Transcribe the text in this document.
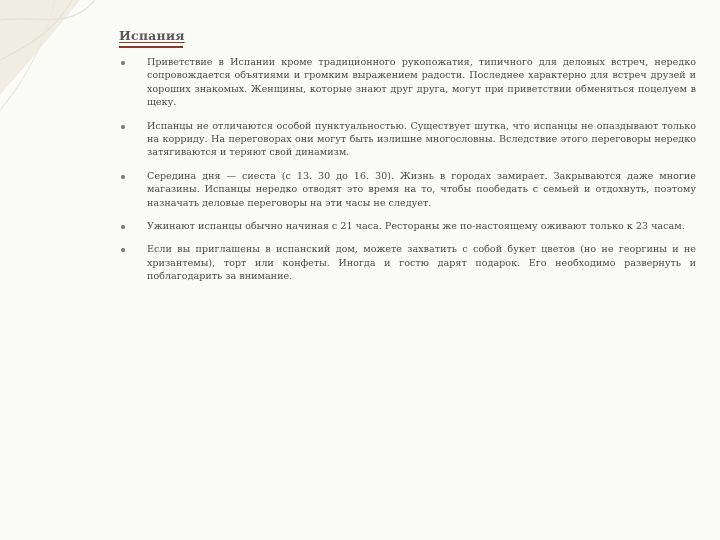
Испания
Приветствие в Испании кроме традиционного рукопожатия, типичного для деловых встреч, нередко сопровождается объятиями и громким выражением радости. Последнее характерно для встреч друзей и хороших знакомых. Женщины, которые знают друг друга, могут при приветствии обменяться поцелуем в щеку.
Испанцы не отличаются особой пунктуальностью. Существует шутка, что испанцы не опаздывают только на корриду. На переговорах они могут быть излишне многословны. Вследствие этого переговоры нередко затягиваются и теряют свой динамизм.
Середина дня — сиеста (с 13. 30 до 16. 30). Жизнь в городах замирает. Закрываются даже многие магазины. Испанцы нередко отводят это время на то, чтобы пообедать с семьей и отдохнуть, поэтому назначать деловые переговоры на эти часы не следует.
Ужинают испанцы обычно начиная с 21 часа. Рестораны же по-настоящему оживают только к 23 часам.
Если вы приглашены в испанский дом, можете захватить с собой букет цветов (но не георгины и не хризантемы), торт или конфеты. Иногда и гостю дарят подарок. Его необходимо развернуть и поблагодарить за внимание.
